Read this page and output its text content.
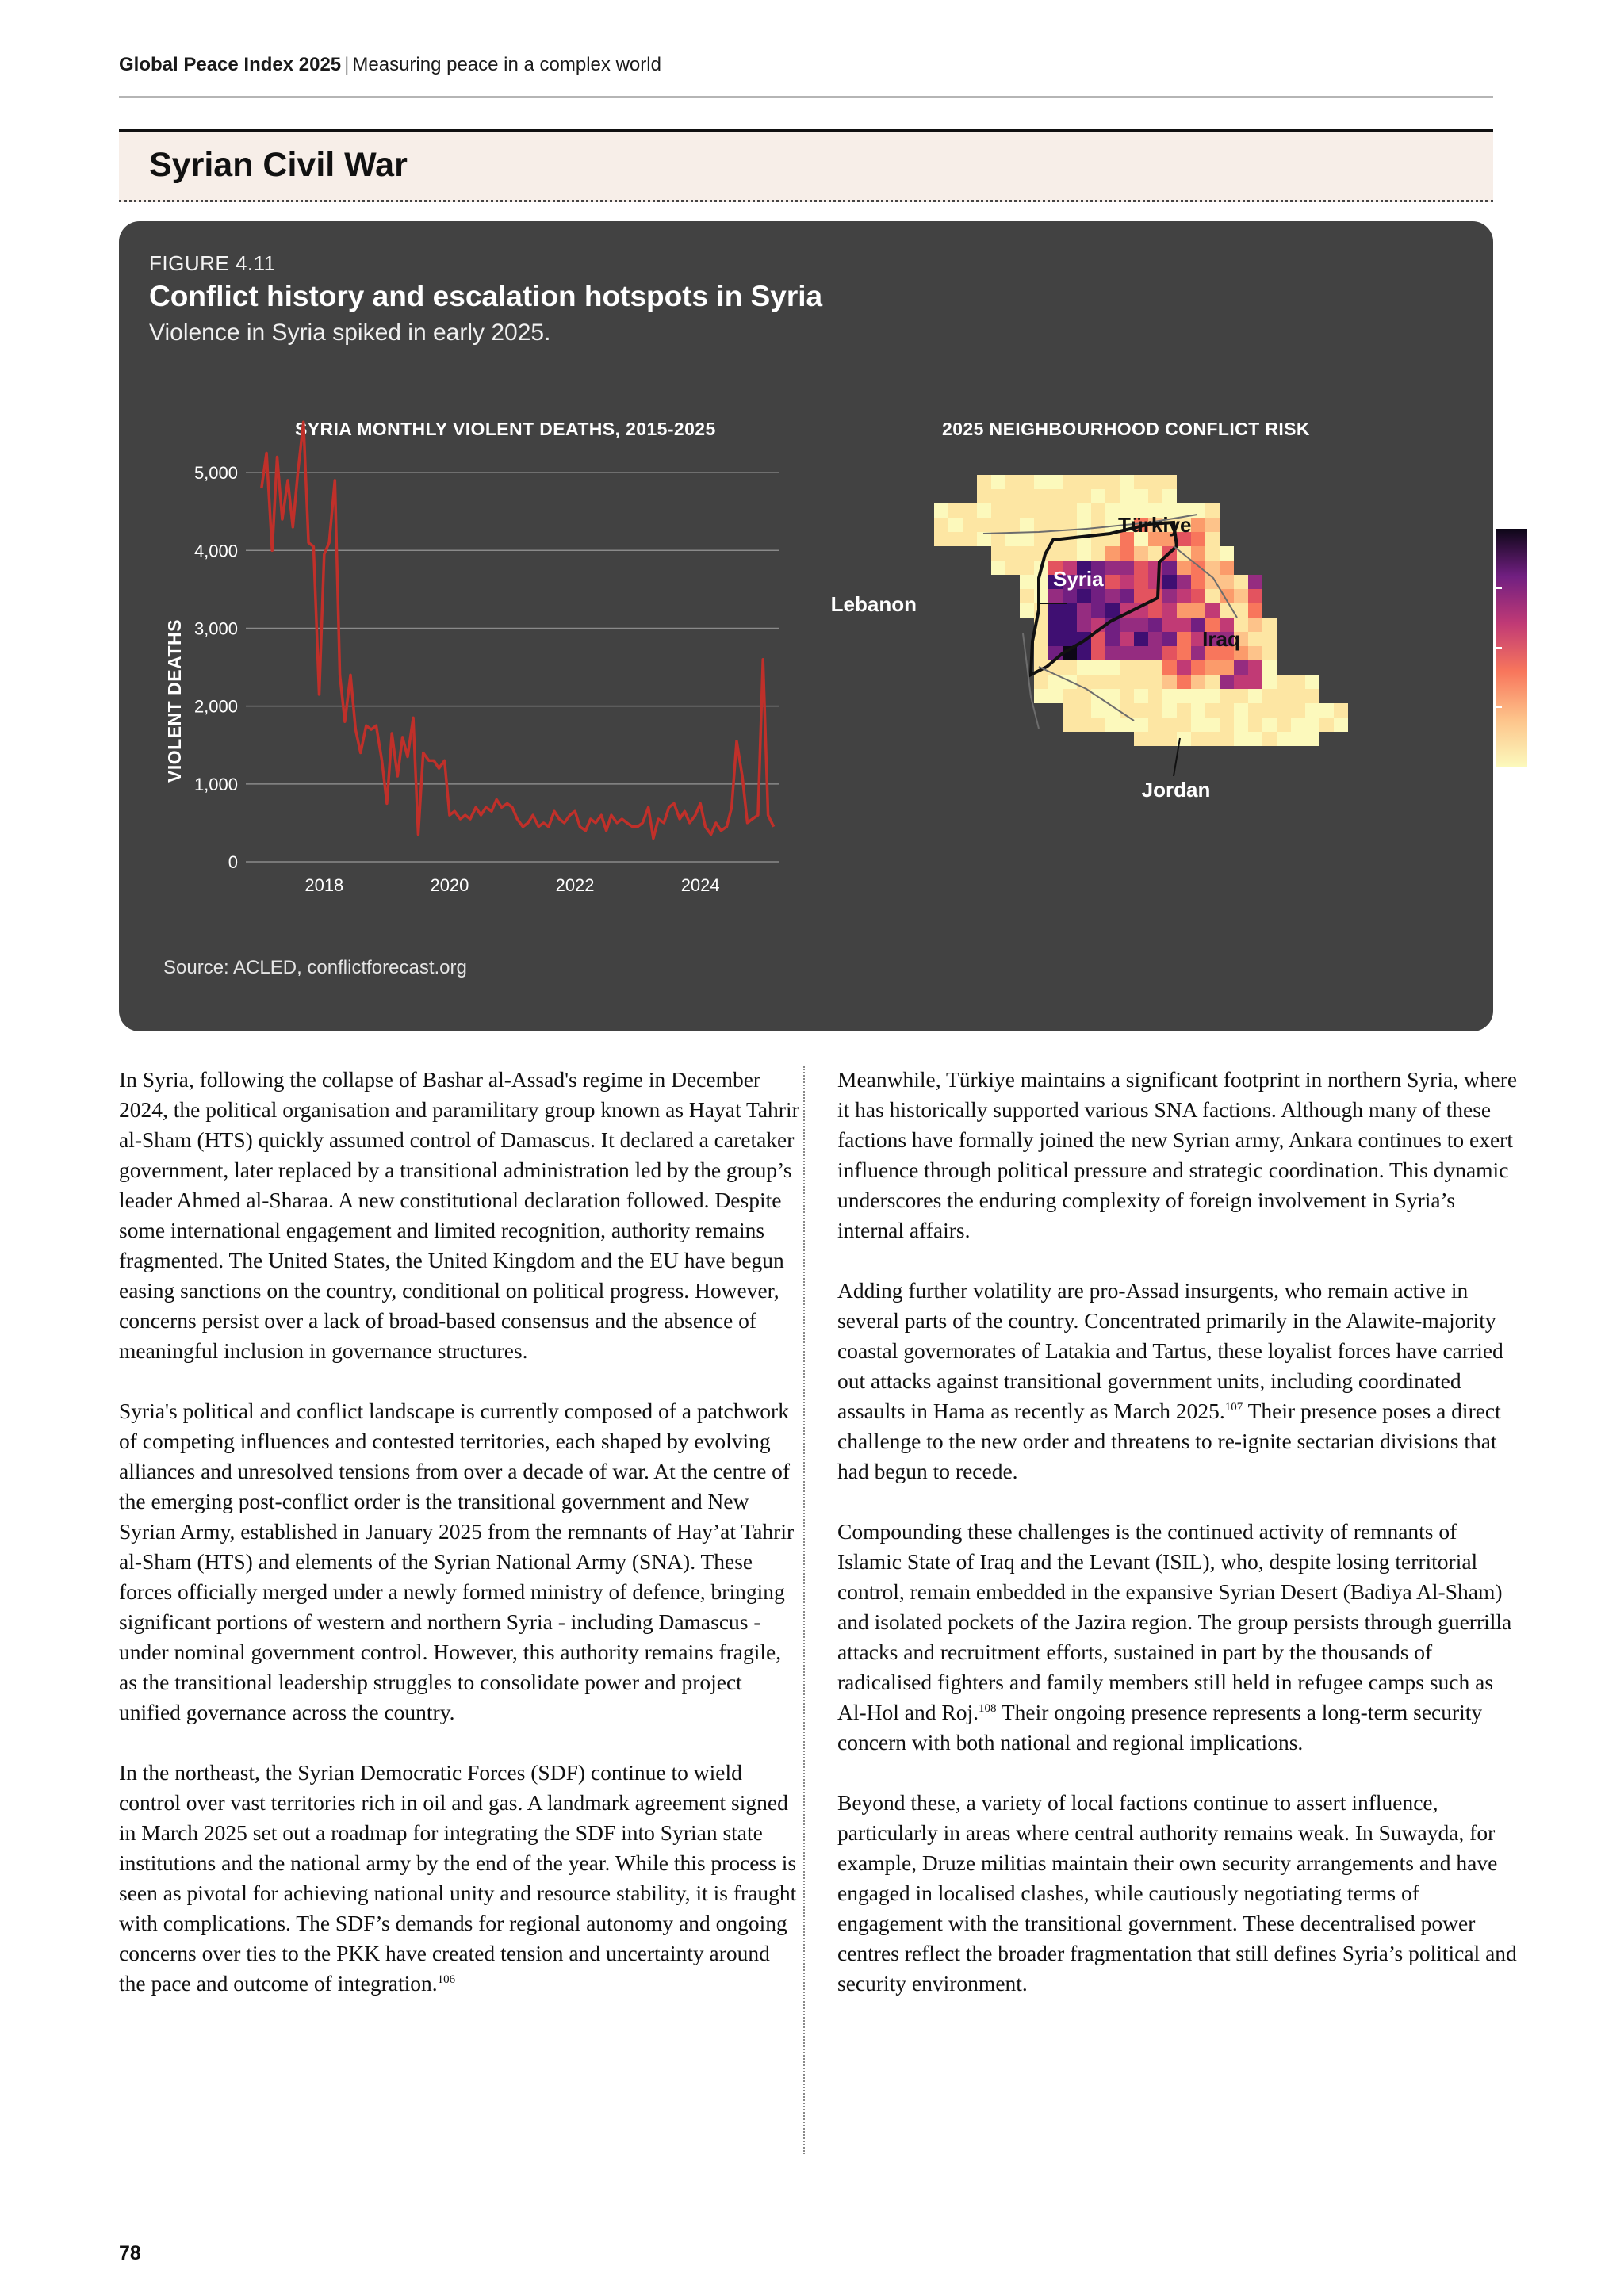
Global Peace Index 2025 | Measuring peace in a complex world
Syrian Civil War
FIGURE 4.11
Conflict history and escalation hotspots in Syria
Violence in Syria spiked in early 2025.
SYRIA MONTHLY VIOLENT DEATHS, 2015-2025	2025 NEIGHBOURHOOD CONFLICT RISK
0
1,000
2,000
3,000
4,000
5,000
2018	2020	2022	2024
VIOLENT DEATHS
Türkiye
Syria
Lebanon
Iraq
Jordan
0.25
0.50
0.75
Source: ACLED, conflictforecast.org

In Syria, following the collapse of Bashar al-Assad's regime in December 2024, the political organisation and paramilitary group known as Hayat Tahrir al-Sham (HTS) quickly assumed control of Damascus. It declared a caretaker government, later replaced by a transitional administration led by the group’s leader Ahmed al-Sharaa. A new constitutional declaration followed. Despite some international engagement and limited recognition, authority remains fragmented. The United States, the United Kingdom and the EU have begun easing sanctions on the country, conditional on political progress. However, concerns persist over a lack of broad-based consensus and the absence of meaningful inclusion in governance structures.

Syria's political and conflict landscape is currently composed of a patchwork of competing influences and contested territories, each shaped by evolving alliances and unresolved tensions from over a decade of war. At the centre of the emerging post-conflict order is the transitional government and New Syrian Army, established in January 2025 from the remnants of Hay’at Tahrir al-Sham (HTS) and elements of the Syrian National Army (SNA). These forces officially merged under a newly formed ministry of defence, bringing significant portions of western and northern Syria - including Damascus - under nominal government control. However, this authority remains fragile, as the transitional leadership struggles to consolidate power and project unified governance across the country.

In the northeast, the Syrian Democratic Forces (SDF) continue to wield control over vast territories rich in oil and gas. A landmark agreement signed in March 2025 set out a roadmap for integrating the SDF into Syrian state institutions and the national army by the end of the year. While this process is seen as pivotal for achieving national unity and resource stability, it is fraught with complications. The SDF’s demands for regional autonomy and ongoing concerns over ties to the PKK have created tension and uncertainty around the pace and outcome of integration.$^{106}$

Meanwhile, Türkiye maintains a significant footprint in northern Syria, where it has historically supported various SNA factions. Although many of these factions have formally joined the new Syrian army, Ankara continues to exert influence through political pressure and strategic coordination. This dynamic underscores the enduring complexity of foreign involvement in Syria’s internal affairs.

Adding further volatility are pro-Assad insurgents, who remain active in several parts of the country. Concentrated primarily in the Alawite-majority coastal governorates of Latakia and Tartus, these loyalist forces have carried out attacks against transitional government units, including coordinated assaults in Hama as recently as March 2025.$^{107}$ Their presence poses a direct challenge to the new order and threatens to re-ignite sectarian divisions that had begun to recede.

Compounding these challenges is the continued activity of remnants of Islamic State of Iraq and the Levant (ISIL), who, despite losing territorial control, remain embedded in the expansive Syrian Desert (Badiya Al-Sham) and isolated pockets of the Jazira region. The group persists through guerrilla attacks and recruitment efforts, sustained in part by the thousands of radicalised fighters and family members still held in refugee camps such as Al-Hol and Roj.$^{108}$ Their ongoing presence represents a long-term security concern with both national and regional implications.

Beyond these, a variety of local factions continue to assert influence, particularly in areas where central authority remains weak. In Suwayda, for example, Druze militias maintain their own security arrangements and have engaged in localised clashes, while cautiously negotiating terms of engagement with the transitional government. These decentralised power centres reflect the broader fragmentation that still defines Syria’s political and security environment.

78
